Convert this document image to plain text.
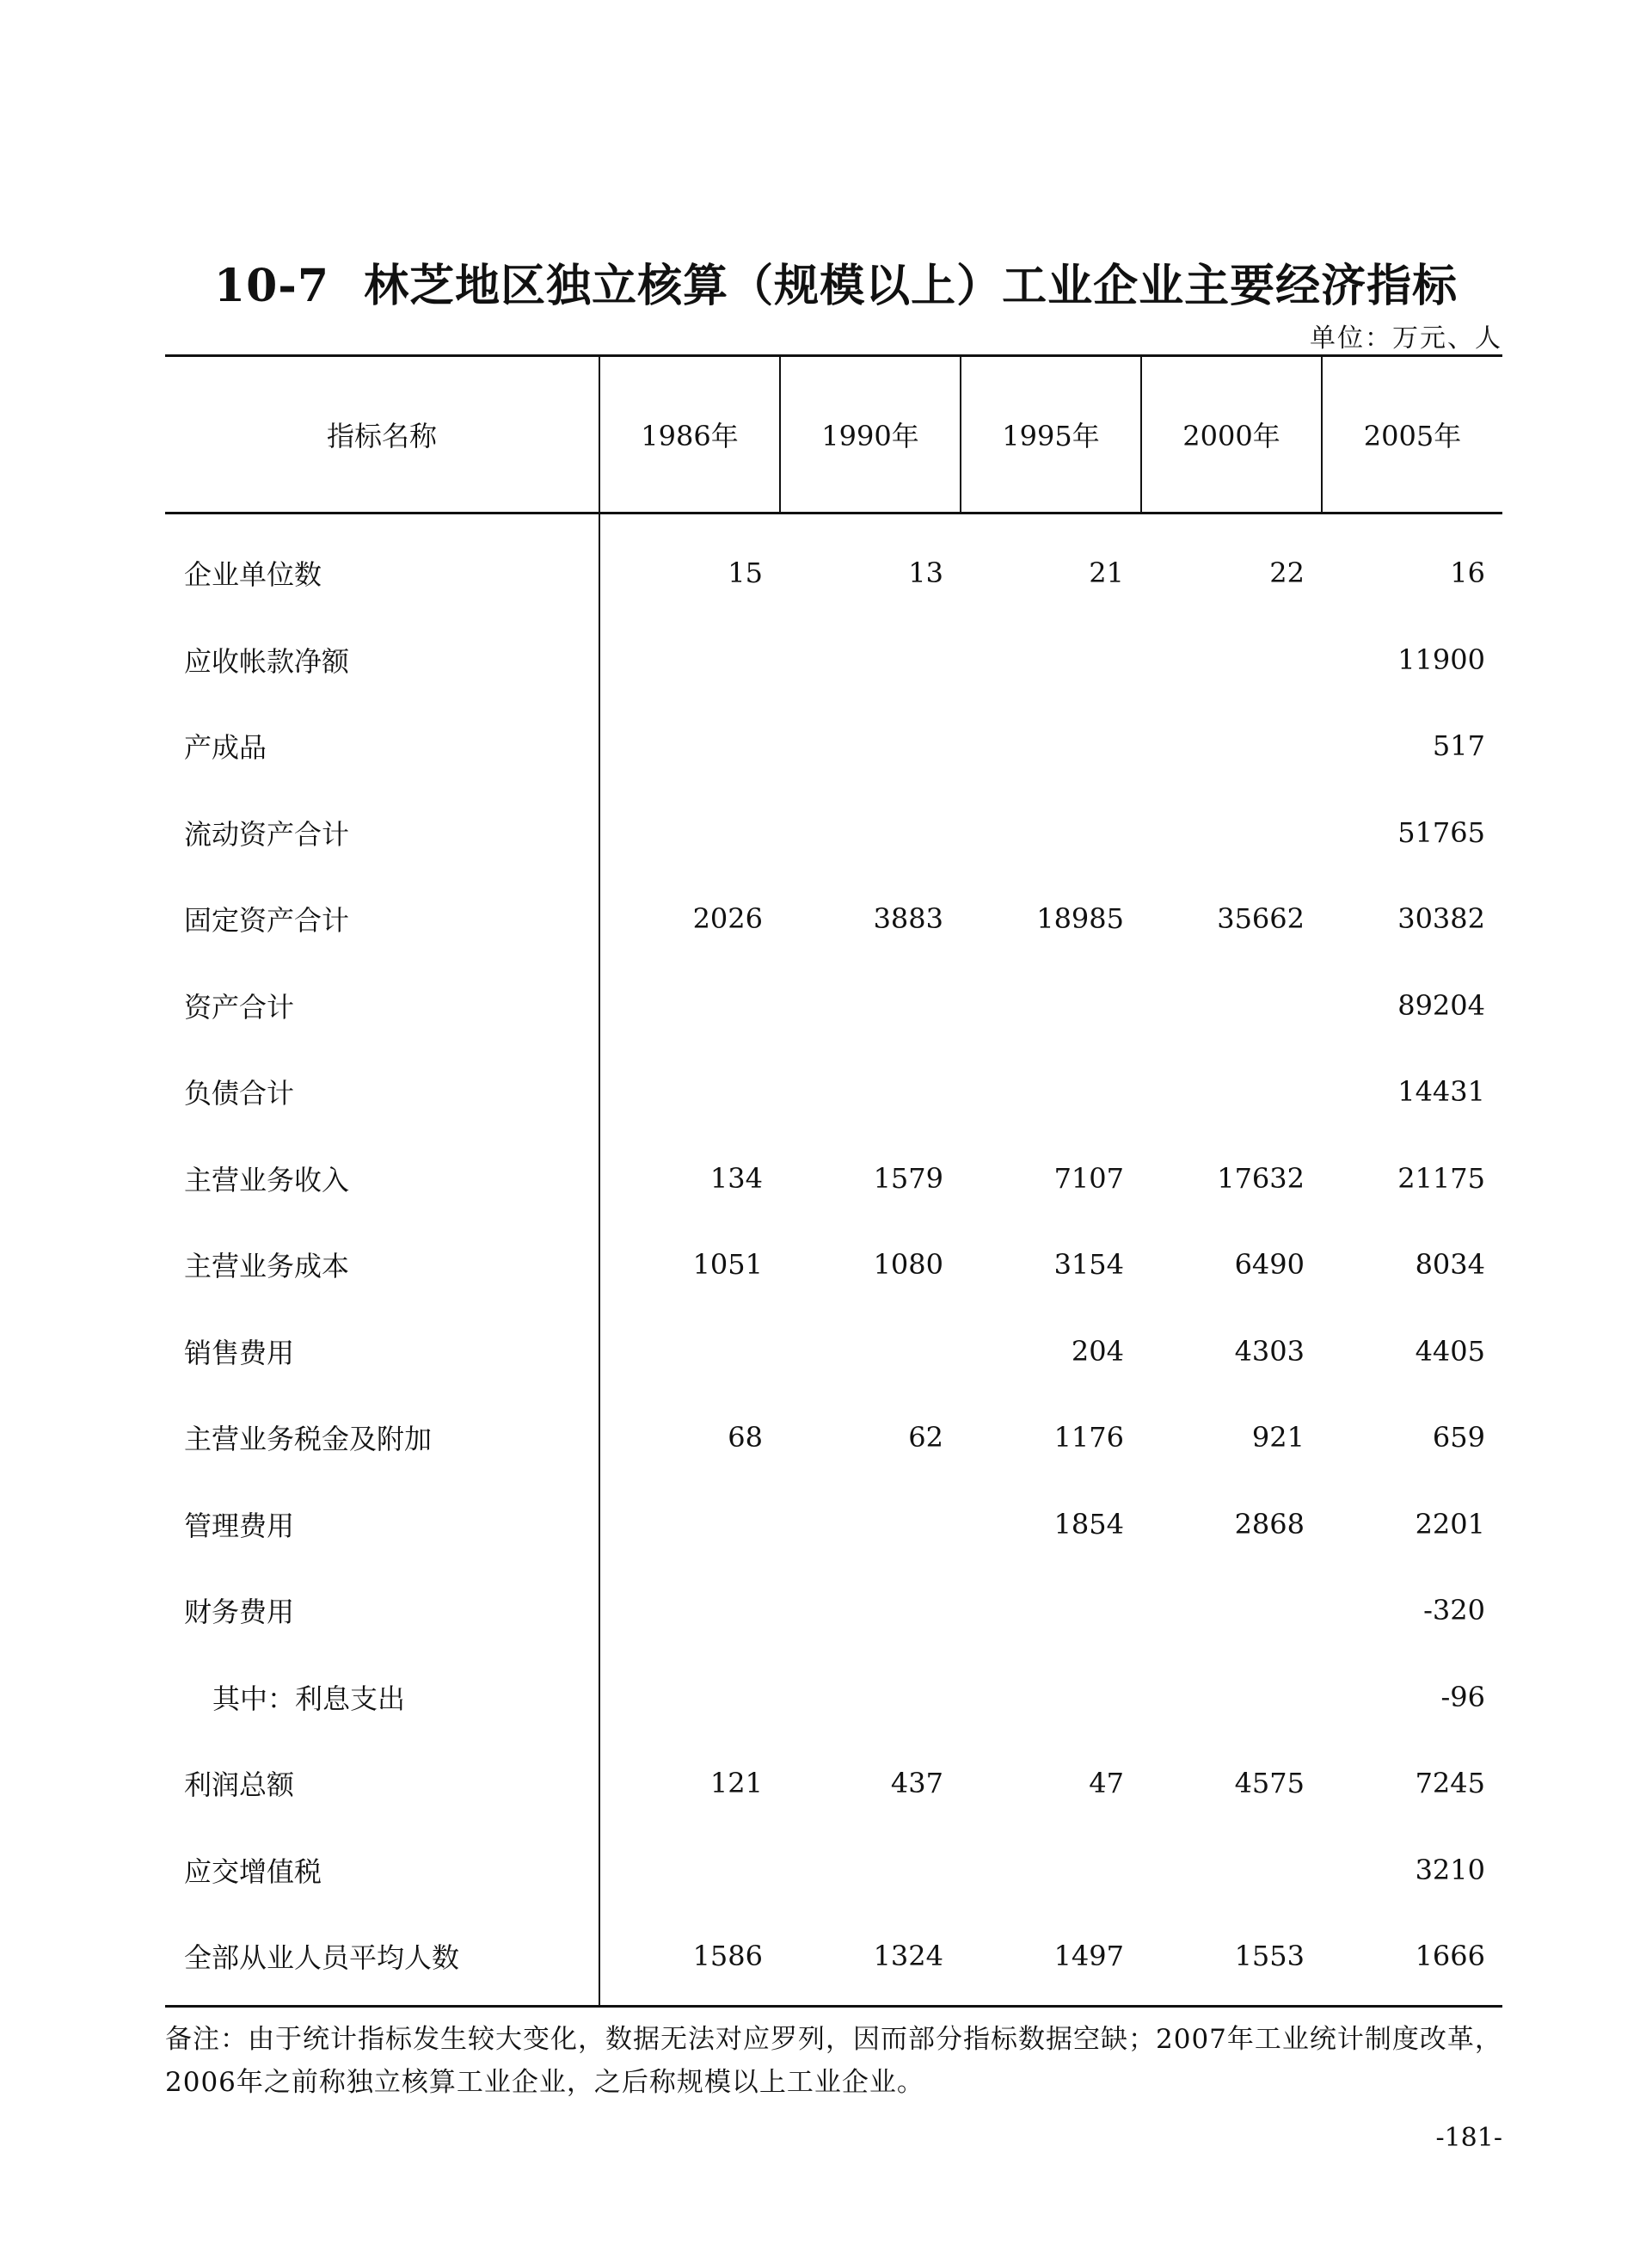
10-7 林芝地区独立核算（规模以上）工业企业主要经济指标
单位：万元、人
指标名称	1986年	1990年	1995年	2000年	2005年
企业单位数	15	13	21	22	16
应收帐款净额					11900
产成品					517
流动资产合计					51765
固定资产合计	2026	3883	18985	35662	30382
资产合计					89204
负债合计					14431
主营业务收入	134	1579	7107	17632	21175
主营业务成本	1051	1080	3154	6490	8034
销售费用			204	4303	4405
主营业务税金及附加	68	62	1176	921	659
管理费用			1854	2868	2201
财务费用					-320
其中：利息支出					-96
利润总额	121	437	47	4575	7245
应交增值税					3210
全部从业人员平均人数	1586	1324	1497	1553	1666
备注：由于统计指标发生较大变化，数据无法对应罗列，因而部分指标数据空缺；2007年工业统计制度改革，2006年之前称独立核算工业企业，之后称规模以上工业企业。
-181-
